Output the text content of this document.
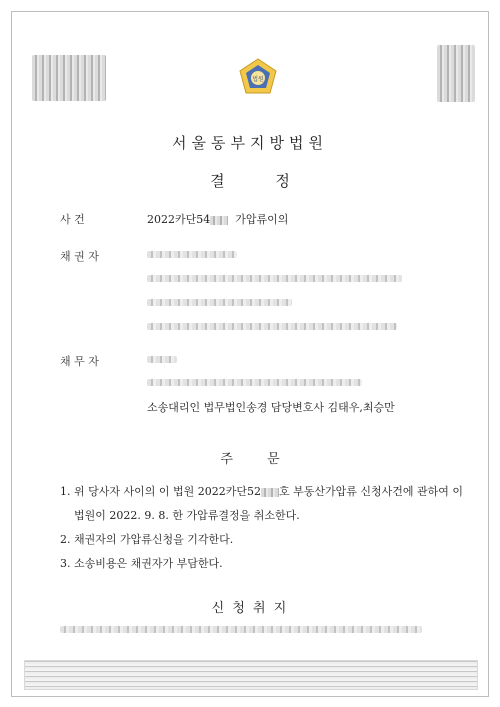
법원
서울동부지방법원
결 정
사 건	2022카단54 가압류이의
채 권 자
채 무 자
소송대리인 법무법인송경 담당변호사 김태우,최승만
주 문
1. 위 당사자 사이의 이 법원 2022카단52 호 부동산가압류 신청사건에 관하여 이
법원이 2022. 9. 8. 한 가압류결정을 취소한다.
2. 채권자의 가압류신청을 기각한다.
3. 소송비용은 채권자가 부담한다.
신 청 취 지
